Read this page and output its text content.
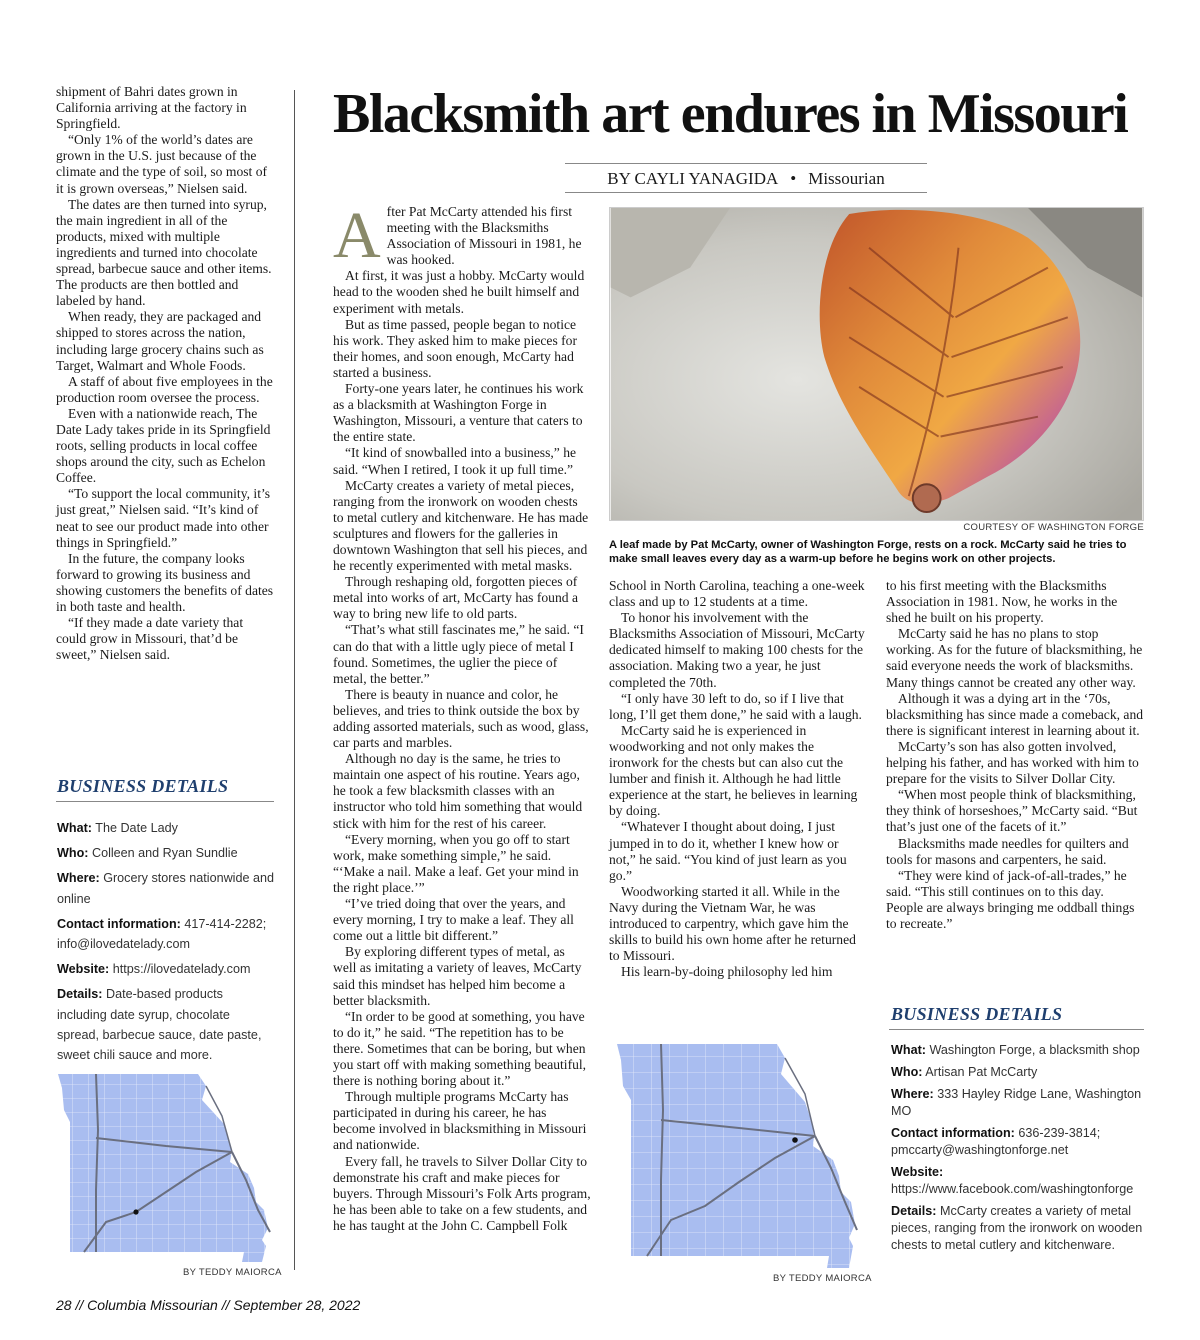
shipment of Bahri dates grown in California arriving at the factory in Springfield.

“Only 1% of the world’s dates are grown in the U.S. just because of the climate and the type of soil, so most of it is grown overseas,” Nielsen said.

The dates are then turned into syrup, the main ingredient in all of the products, mixed with multiple ingredients and turned into chocolate spread, barbecue sauce and other items. The products are then bottled and labeled by hand.

When ready, they are packaged and shipped to stores across the nation, including large grocery chains such as Target, Walmart and Whole Foods.

A staff of about five employees in the production room oversee the process.

Even with a nationwide reach, The Date Lady takes pride in its Springfield roots, selling products in local coffee shops around the city, such as Echelon Coffee.

“To support the local community, it’s just great,” Nielsen said. “It’s kind of neat to see our product made into other things in Springfield.”

In the future, the company looks forward to growing its business and showing customers the benefits of dates in both taste and health.

“If they made a date variety that could grow in Missouri, that’d be sweet,” Nielsen said.

BUSINESS DETAILS
What: The Date Lady
Who: Colleen and Ryan Sundlie
Where: Grocery stores nationwide and online
Contact information: 417-414-2282; info@ilovedatelady.com
Website: https://ilovedatelady.com
Details: Date-based products including date syrup, chocolate spread, barbecue sauce, date paste, sweet chili sauce and more.
BY TEDDY MAIORCA
Blacksmith art endures in Missouri
BY CAYLI YANAGIDA • Missourian

After Pat McCarty attended his first meeting with the Blacksmiths Association of Missouri in 1981, he was hooked.

At first, it was just a hobby. McCarty would head to the wooden shed he built himself and experiment with metals.

But as time passed, people began to notice his work. They asked him to make pieces for their homes, and soon enough, McCarty had started a business.

Forty-one years later, he continues his work as a blacksmith at Washington Forge in Washington, Missouri, a venture that caters to the entire state.

“It kind of snowballed into a business,” he said. “When I retired, I took it up full time.”

McCarty creates a variety of metal pieces, ranging from the ironwork on wooden chests to metal cutlery and kitchenware. He has made sculptures and flowers for the galleries in downtown Washington that sell his pieces, and he recently experimented with metal masks.

Through reshaping old, forgotten pieces of metal into works of art, McCarty has found a way to bring new life to old parts.

“That’s what still fascinates me,” he said. “I can do that with a little ugly piece of metal I found. Sometimes, the uglier the piece of metal, the better.”

There is beauty in nuance and color, he believes, and tries to think outside the box by adding assorted materials, such as wood, glass, car parts and marbles.

Although no day is the same, he tries to maintain one aspect of his routine. Years ago, he took a few blacksmith classes with an instructor who told him something that would stick with him for the rest of his career.

“Every morning, when you go off to start work, make something simple,” he said. “‘Make a nail. Make a leaf. Get your mind in the right place.’”

“I’ve tried doing that over the years, and every morning, I try to make a leaf. They all come out a little bit different.”

By exploring different types of metal, as well as imitating a variety of leaves, McCarty said this mindset has helped him become a better blacksmith.

“In order to be good at something, you have to do it,” he said. “The repetition has to be there. Sometimes that can be boring, but when you start off with making something beautiful, there is nothing boring about it.”

Through multiple programs McCarty has participated in during his career, he has become involved in blacksmithing in Missouri and nationwide.

Every fall, he travels to Silver Dollar City to demonstrate his craft and make pieces for buyers. Through Missouri’s Folk Arts program, he has been able to take on a few students, and he has taught at the John C. Campbell Folk

COURTESY OF WASHINGTON FORGE
A leaf made by Pat McCarty, owner of Washington Forge, rests on a rock. McCarty said he tries to make small leaves every day as a warm-up before he begins work on other projects.

School in North Carolina, teaching a one-week class and up to 12 students at a time.

To honor his involvement with the Blacksmiths Association of Missouri, McCarty dedicated himself to making 100 chests for the association. Making two a year, he just completed the 70th.

“I only have 30 left to do, so if I live that long, I’ll get them done,” he said with a laugh.

McCarty said he is experienced in woodworking and not only makes the ironwork for the chests but can also cut the lumber and finish it. Although he had little experience at the start, he believes in learning by doing.

“Whatever I thought about doing, I just jumped in to do it, whether I knew how or not,” he said. “You kind of just learn as you go.”

Woodworking started it all. While in the Navy during the Vietnam War, he was introduced to carpentry, which gave him the skills to build his own home after he returned to Missouri.

His learn-by-doing philosophy led him

to his first meeting with the Blacksmiths Association in 1981. Now, he works in the shed he built on his property.

McCarty said he has no plans to stop working. As for the future of blacksmithing, he said everyone needs the work of blacksmiths. Many things cannot be created any other way.

Although it was a dying art in the ‘70s, blacksmithing has since made a comeback, and there is significant interest in learning about it.

McCarty’s son has also gotten involved, helping his father, and has worked with him to prepare for the visits to Silver Dollar City.

“When most people think of blacksmithing, they think of horseshoes,” McCarty said. “But that’s just one of the facets of it.”

Blacksmiths made needles for quilters and tools for masons and carpenters, he said.

“They were kind of jack-of-all-trades,” he said. “This still continues on to this day. People are always bringing me oddball things to recreate.”

BY TEDDY MAIORCA
BUSINESS DETAILS
What: Washington Forge, a blacksmith shop
Who: Artisan Pat McCarty
Where: 333 Hayley Ridge Lane, Washington MO
Contact information: 636-239-3814; pmccarty@washingtonforge.net
Website: https://www.facebook.com/washingtonforge
Details: McCarty creates a variety of metal pieces, ranging from the ironwork on wooden chests to metal cutlery and kitchenware.
28 // Columbia Missourian // September 28, 2022
